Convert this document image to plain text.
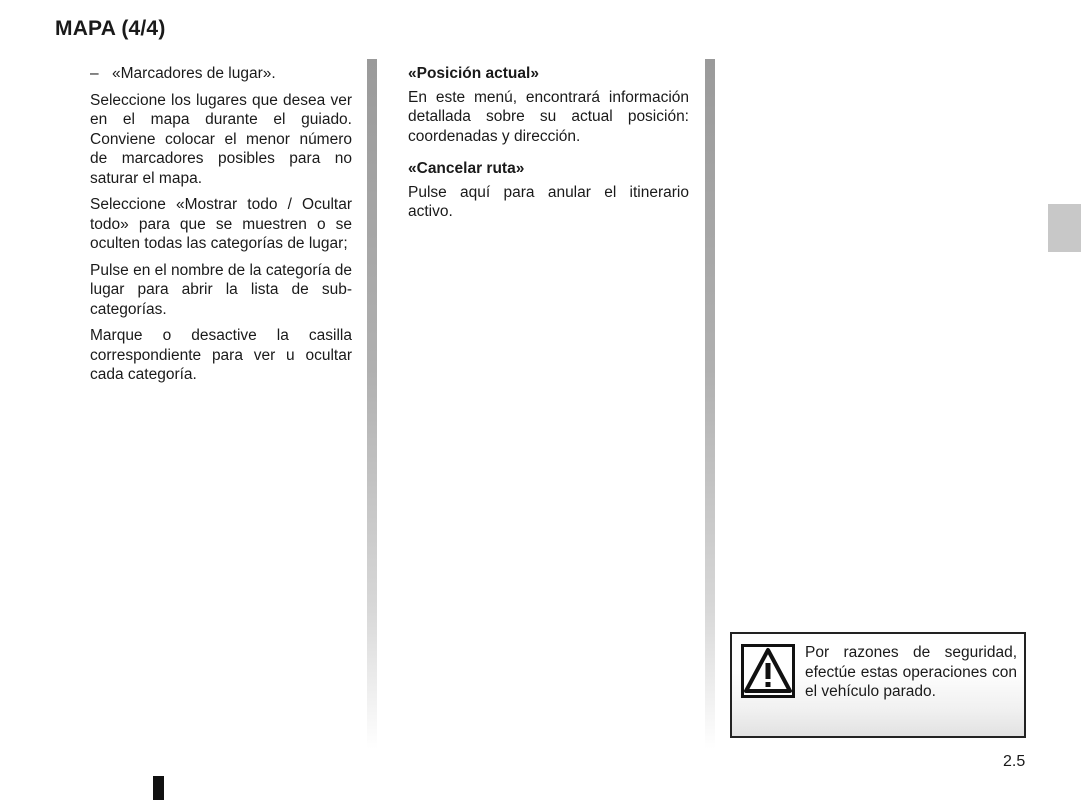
MAPA (4/4)
– «Marcadores de lugar».

Seleccione los lugares que desea ver en el mapa durante el guiado. Conviene colocar el menor número de marcadores posibles para no saturar el mapa.

Seleccione «Mostrar todo / Ocultar todo» para que se muestren o se oculten todas las categorías de lugar;

Pulse en el nombre de la categoría de lugar para abrir la lista de sub-categorías.

Marque o desactive la casilla correspondiente para ver u ocultar cada categoría.

«Posición actual»

En este menú, encontrará información detallada sobre su actual posición: coordenadas y dirección.

«Cancelar ruta»

Pulse aquí para anular el itinerario activo.

Por razones de seguridad, efectúe estas operaciones con el vehículo parado.

2.5
